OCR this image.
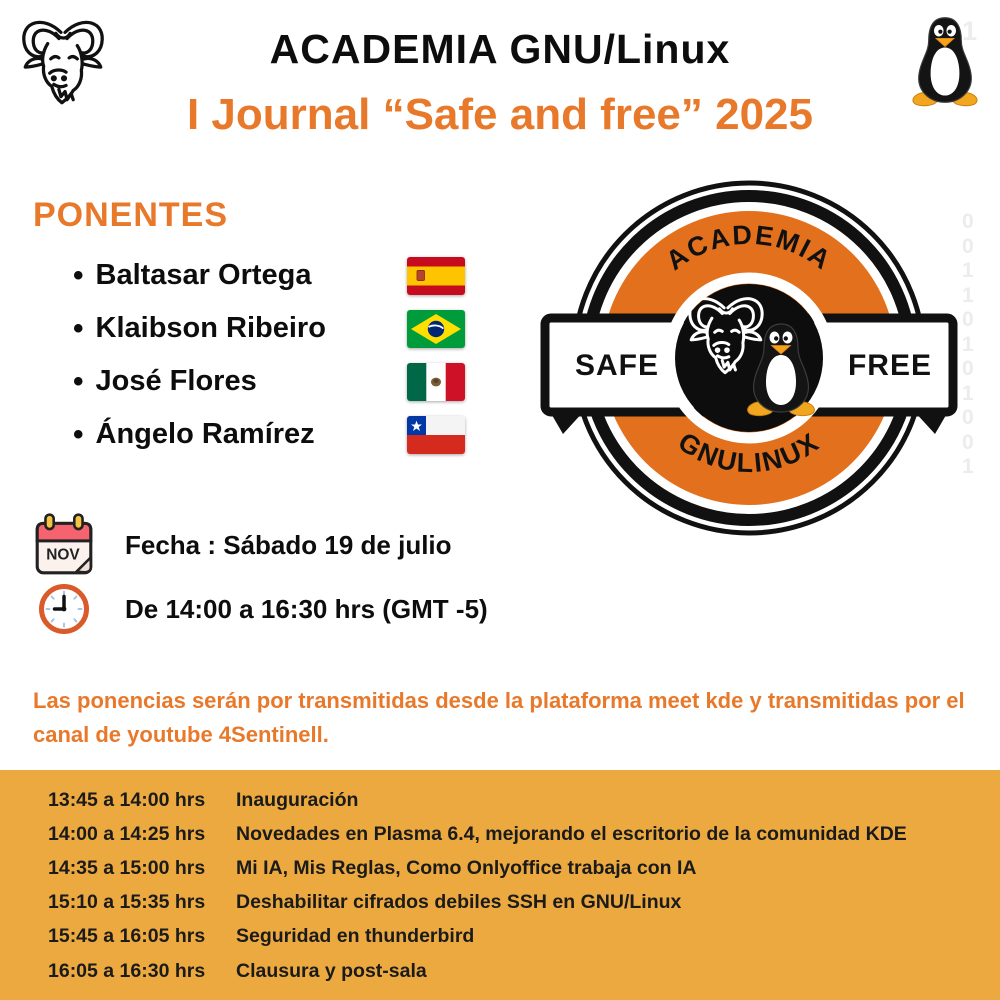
ACADEMIA GNU/Linux
I Journal “Safe and free” 2025
1
0
0
1
1
0
1
0
1
0
0
1
PONENTES
• Baltasar Ortega
• Klaibson Ribeiro
• José Flores
• Ángelo Ramírez
ACADEMIA
GNULINUX
SAFE	FREE
NOV Fecha : Sábado 19 de julio
De 14:00 a 16:30 hrs (GMT -5)
Las ponencias serán por transmitidas desde la plataforma meet kde y transmitidas por el canal de youtube 4Sentinell.
13:45 a 14:00 hrs	Inauguración
14:00 a 14:25 hrs	Novedades en Plasma 6.4, mejorando el escritorio de la comunidad KDE
14:35 a 15:00 hrs	Mi IA, Mis Reglas, Como Onlyoffice trabaja con IA
15:10 a 15:35 hrs	Deshabilitar cifrados debiles SSH en GNU/Linux
15:45 a 16:05 hrs	Seguridad en thunderbird
16:05 a 16:30 hrs	Clausura y post-sala
